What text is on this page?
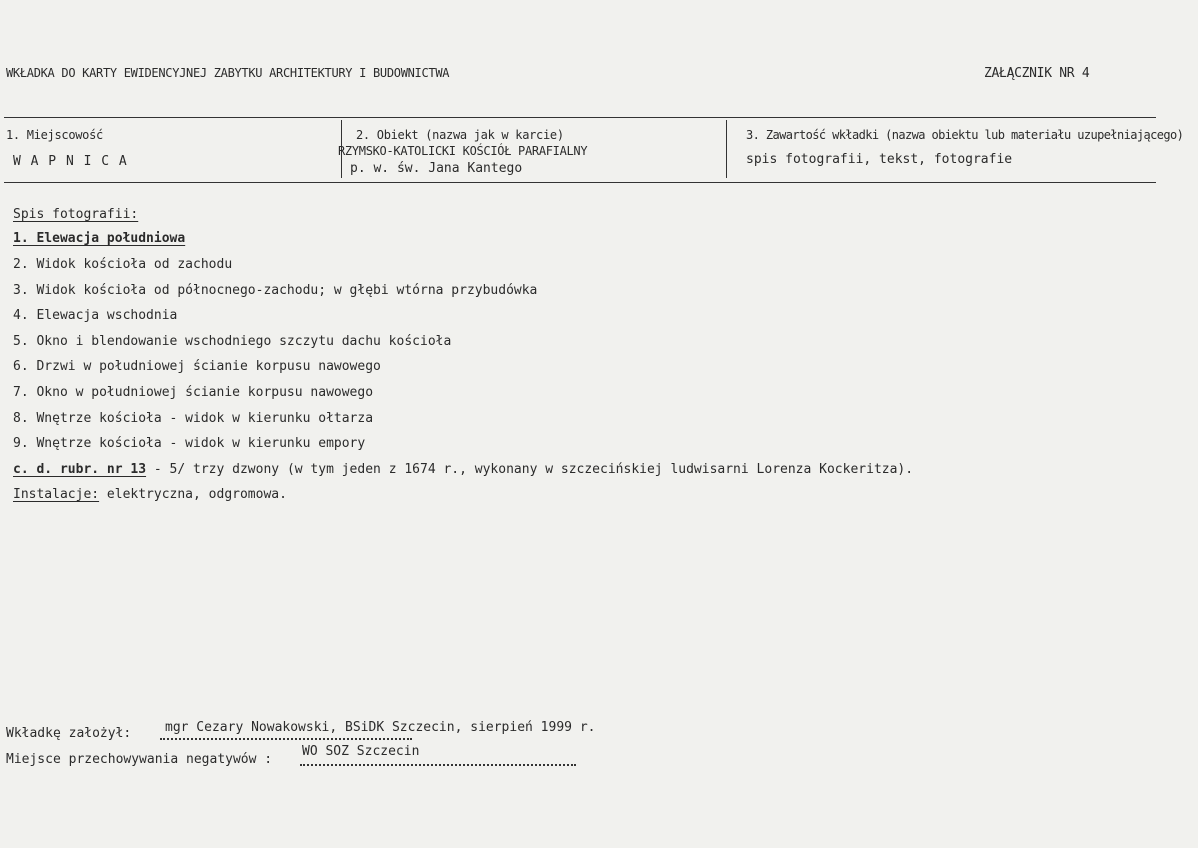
WKŁADKA DO KARTY EWIDENCYJNEJ ZABYTKU ARCHITEKTURY I BUDOWNICTWA	ZAŁĄCZNIK NR 4
1. Miejscowość
W A P N I C A
2. Obiekt (nazwa jak w karcie)
RZYMSKO-KATOLICKI KOŚCIÓŁ PARAFIALNY
p. w. św. Jana Kantego
3. Zawartość wkładki (nazwa obiektu lub materiału uzupełniającego)
spis fotografii, tekst, fotografie
Spis fotografii:
1. Elewacja południowa
2. Widok kościoła od zachodu
3. Widok kościoła od północnego-zachodu; w głębi wtórna przybudówka
4. Elewacja wschodnia
5. Okno i blendowanie wschodniego szczytu dachu kościoła
6. Drzwi w południowej ścianie korpusu nawowego
7. Okno w południowej ścianie korpusu nawowego
8. Wnętrze kościoła - widok w kierunku ołtarza
9. Wnętrze kościoła - widok w kierunku empory
c. d. rubr. nr 13 - 5/ trzy dzwony (w tym jeden z 1674 r., wykonany w szczecińskiej ludwisarni Lorenza Kockeritza).
Instalacje: elektryczna, odgromowa.
Wkładkę założył:	mgr Cezary Nowakowski, BSiDK Szczecin, sierpień 1999 r.
Miejsce przechowywania negatywów :
WO SOZ Szczecin
